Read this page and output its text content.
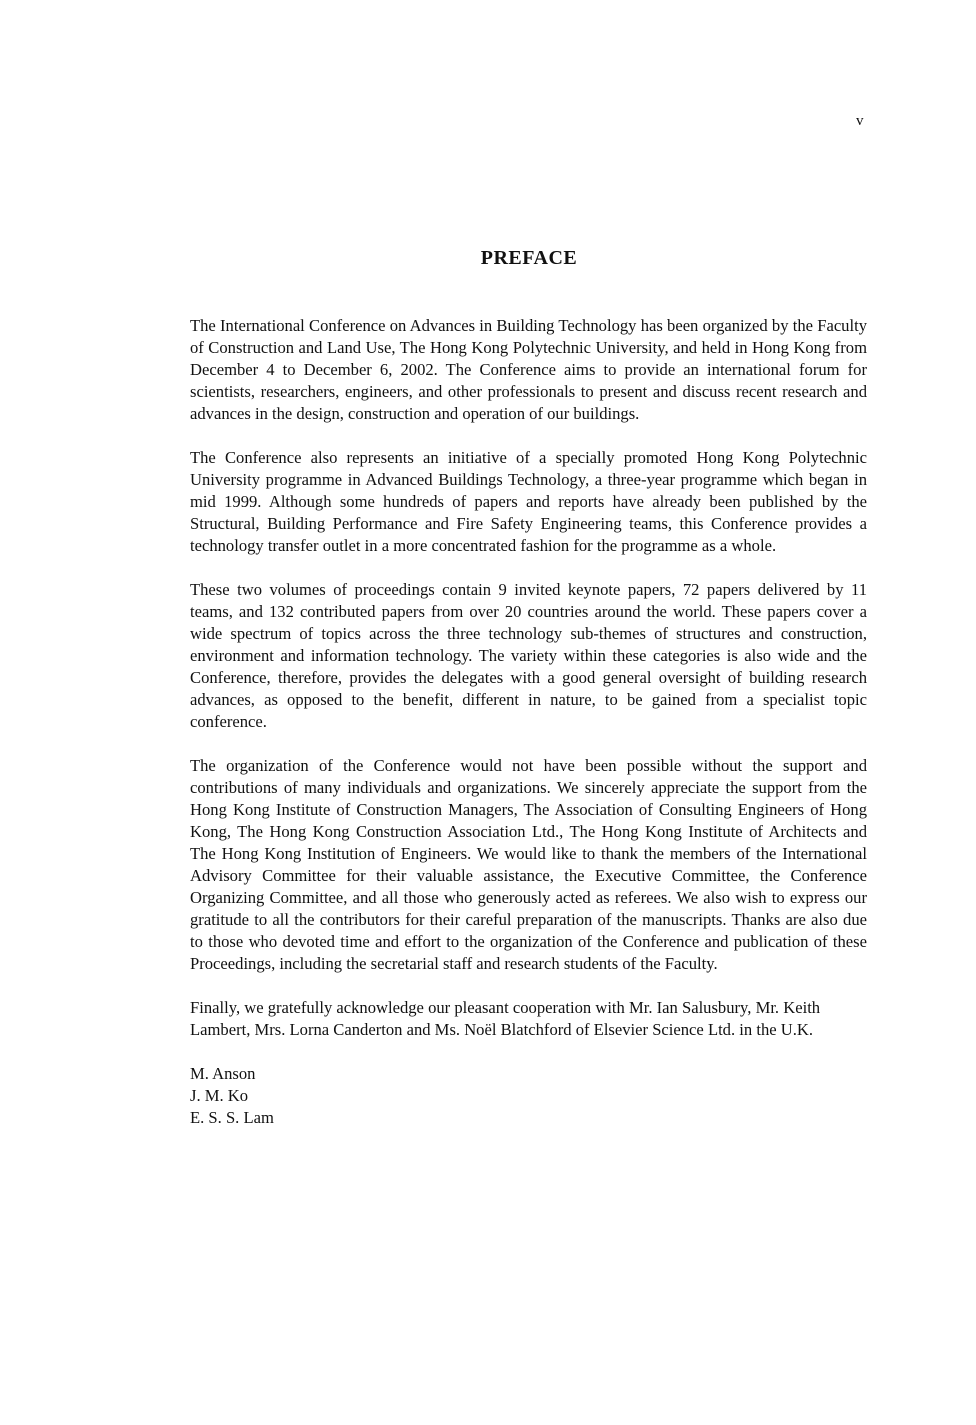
v
PREFACE

The International Conference on Advances in Building Technology has been organized by the Faculty of Construction and Land Use, The Hong Kong Polytechnic University, and held in Hong Kong from December 4 to December 6, 2002. The Conference aims to provide an international forum for scientists, researchers, engineers, and other professionals to present and discuss recent research and advances in the design, construction and operation of our buildings.

The Conference also represents an initiative of a specially promoted Hong Kong Polytechnic University programme in Advanced Buildings Technology, a three-year programme which began in mid 1999. Although some hundreds of papers and reports have already been published by the Structural, Building Performance and Fire Safety Engineering teams, this Conference provides a technology transfer outlet in a more concentrated fashion for the programme as a whole.

These two volumes of proceedings contain 9 invited keynote papers, 72 papers delivered by 11 teams, and 132 contributed papers from over 20 countries around the world. These papers cover a wide spectrum of topics across the three technology sub-themes of structures and construction, environment and information technology. The variety within these categories is also wide and the Conference, therefore, provides the delegates with a good general oversight of building research advances, as opposed to the benefit, different in nature, to be gained from a specialist topic conference.

The organization of the Conference would not have been possible without the support and contributions of many individuals and organizations. We sincerely appreciate the support from the Hong Kong Institute of Construction Managers, The Association of Consulting Engineers of Hong Kong, The Hong Kong Construction Association Ltd., The Hong Kong Institute of Architects and The Hong Kong Institution of Engineers. We would like to thank the members of the International Advisory Committee for their valuable assistance, the Executive Committee, the Conference Organizing Committee, and all those who generously acted as referees. We also wish to express our gratitude to all the contributors for their careful preparation of the manuscripts. Thanks are also due to those who devoted time and effort to the organization of the Conference and publication of these Proceedings, including the secretarial staff and research students of the Faculty.

Finally, we gratefully acknowledge our pleasant cooperation with Mr. Ian Salusbury, Mr. Keith Lambert, Mrs. Lorna Canderton and Ms. Noël Blatchford of Elsevier Science Ltd. in the U.K.

M. Anson
J. M. Ko
E. S. S. Lam
